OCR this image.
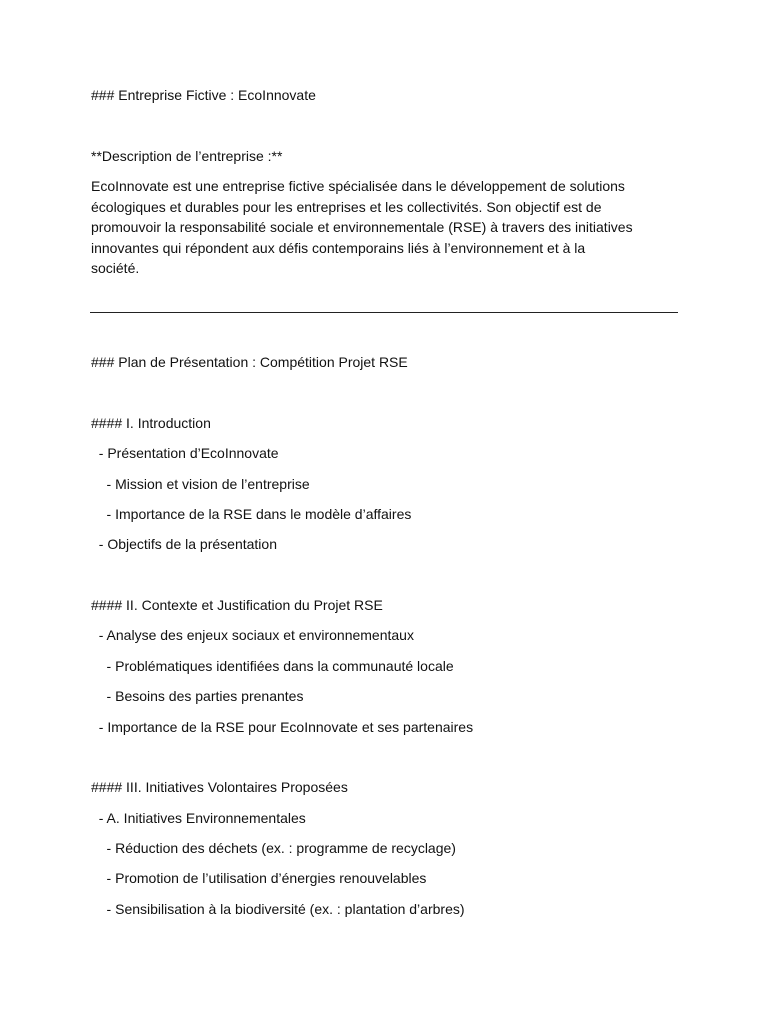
### Entreprise Fictive : EcoInnovate
**Description de l’entreprise :**
EcoInnovate est une entreprise fictive spécialisée dans le développement de solutions
écologiques et durables pour les entreprises et les collectivités. Son objectif est de
promouvoir la responsabilité sociale et environnementale (RSE) à travers des initiatives
innovantes qui répondent aux défis contemporains liés à l’environnement et à la
société.
### Plan de Présentation : Compétition Projet RSE
#### I. Introduction
- Présentation d’EcoInnovate
- Mission et vision de l’entreprise
- Importance de la RSE dans le modèle d’affaires
- Objectifs de la présentation
#### II. Contexte et Justification du Projet RSE
- Analyse des enjeux sociaux et environnementaux
- Problématiques identifiées dans la communauté locale
- Besoins des parties prenantes
- Importance de la RSE pour EcoInnovate et ses partenaires
#### III. Initiatives Volontaires Proposées
- A. Initiatives Environnementales
- Réduction des déchets (ex. : programme de recyclage)
- Promotion de l’utilisation d’énergies renouvelables
- Sensibilisation à la biodiversité (ex. : plantation d’arbres)
